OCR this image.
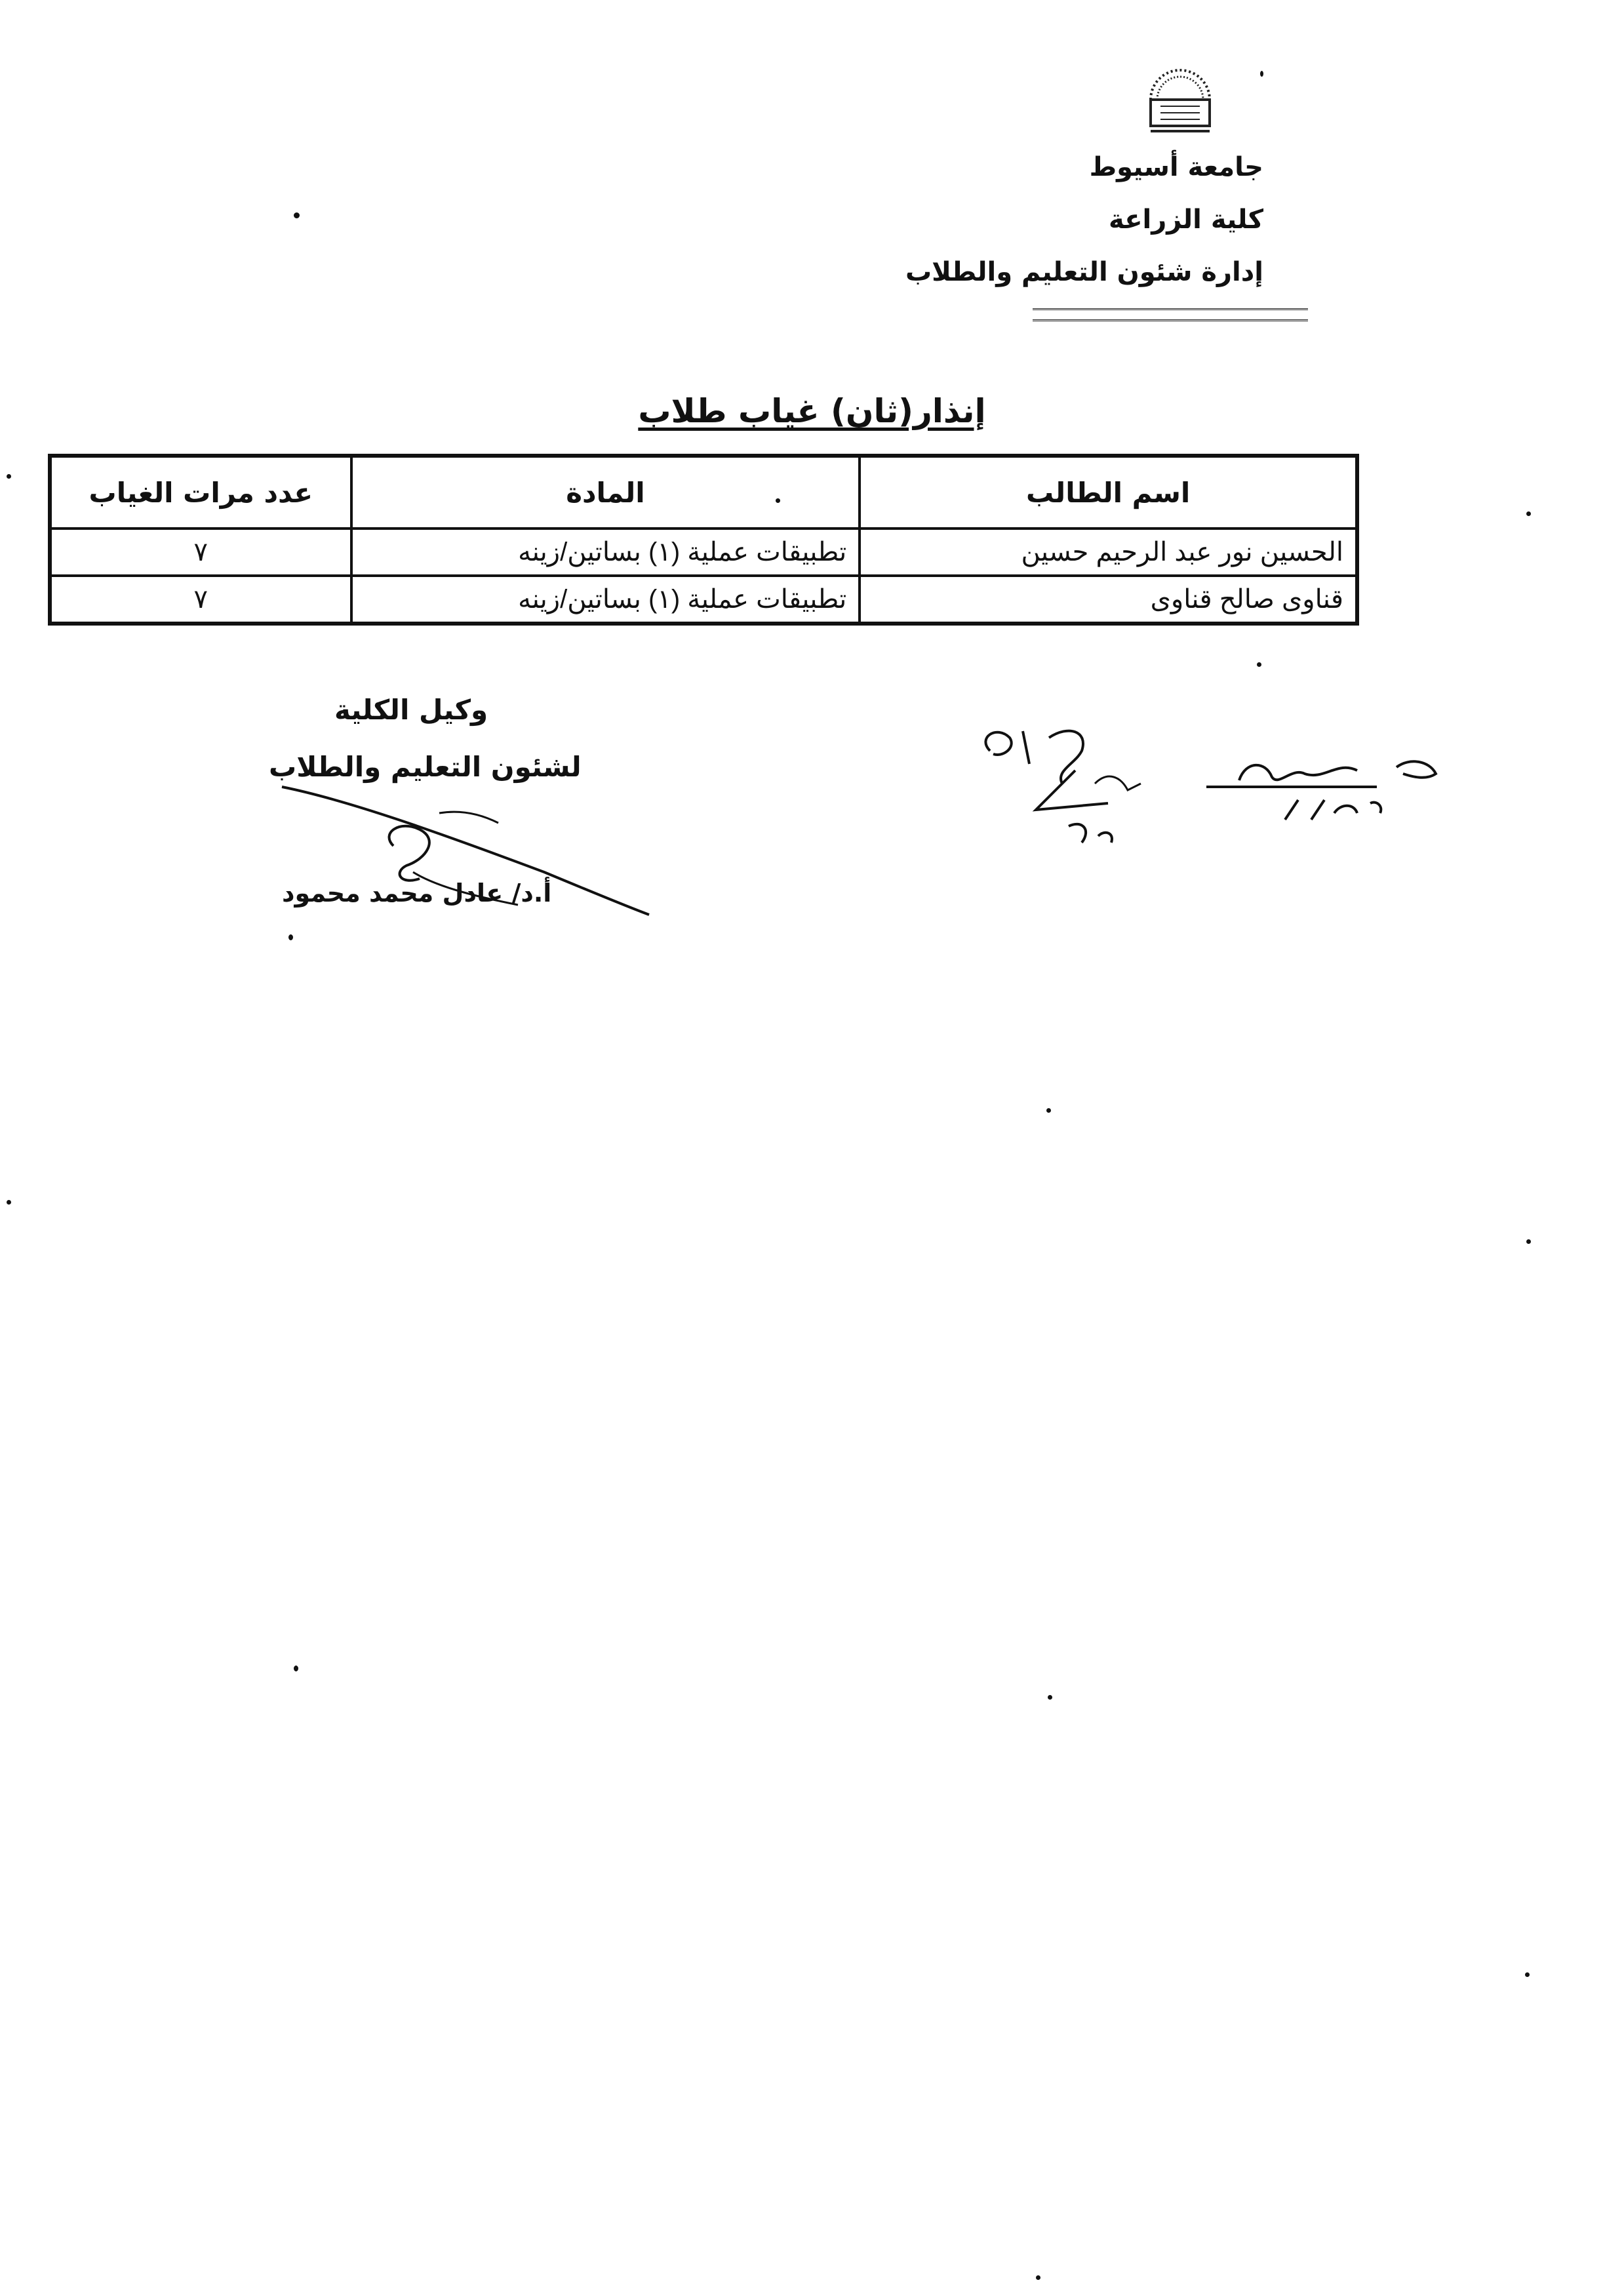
جامعة أسيوط
كلية الزراعة
إدارة شئون التعليم والطلاب
إنذار(ثان) غياب طلاب
اسم الطالب	المادة	عدد مرات الغياب
الحسين نور عبد الرحيم حسين	تطبيقات عملية (١) بساتين/زينه	٧
قناوى صالح قناوى	تطبيقات عملية (١) بساتين/زينه	٧
وكيل الكلية
لشئون التعليم والطلاب
أ.د/ عادل محمد محمود
